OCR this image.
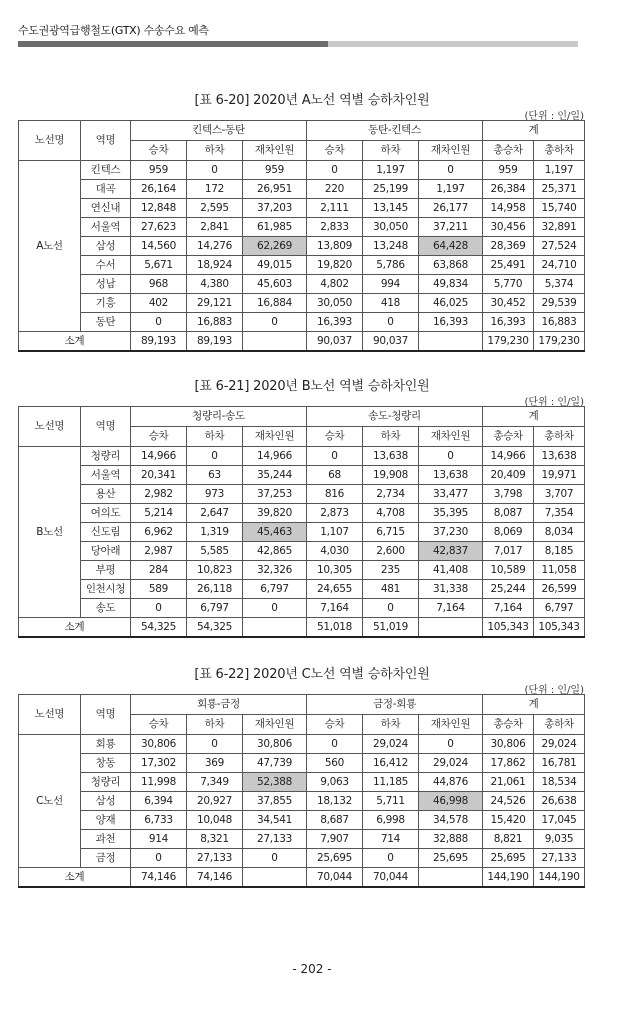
수도권광역급행철도(GTX) 수송수요 예측
[표 6-20] 2020년 A노선 역별 승하차인원
(단위 : 인/일)
노선명	역명	킨텍스-동탄			동탄-킨텍스			계	
		승차	하차	재차인원	승차	하차	재차인원	총승차	총하차
A노선	킨텍스	959	0	959	0	1,197	0	959	1,197
	대곡	26,164	172	26,951	220	25,199	1,197	26,384	25,371
	연신내	12,848	2,595	37,203	2,111	13,145	26,177	14,958	15,740
	서울역	27,623	2,841	61,985	2,833	30,050	37,211	30,456	32,891
	삼성	14,560	14,276	62,269	13,809	13,248	64,428	28,369	27,524
	수서	5,671	18,924	49,015	19,820	5,786	63,868	25,491	24,710
	성남	968	4,380	45,603	4,802	994	49,834	5,770	5,374
	기흥	402	29,121	16,884	30,050	418	46,025	30,452	29,539
	동탄	0	16,883	0	16,393	0	16,393	16,393	16,883
소계		89,193	89,193		90,037	90,037		179,230	179,230
[표 6-21] 2020년 B노선 역별 승하차인원
(단위 : 인/일)
노선명	역명	청량리-송도			송도-청량리			계	
		승차	하차	재차인원	승차	하차	재차인원	총승차	총하차
B노선	청량리	14,966	0	14,966	0	13,638	0	14,966	13,638
	서울역	20,341	63	35,244	68	19,908	13,638	20,409	19,971
	용산	2,982	973	37,253	816	2,734	33,477	3,798	3,707
	여의도	5,214	2,647	39,820	2,873	4,708	35,395	8,087	7,354
	신도림	6,962	1,319	45,463	1,107	6,715	37,230	8,069	8,034
	당아래	2,987	5,585	42,865	4,030	2,600	42,837	7,017	8,185
	부평	284	10,823	32,326	10,305	235	41,408	10,589	11,058
	인천시청	589	26,118	6,797	24,655	481	31,338	25,244	26,599
	송도	0	6,797	0	7,164	0	7,164	7,164	6,797
소계		54,325	54,325		51,018	51,019		105,343	105,343
[표 6-22] 2020년 C노선 역별 승하차인원
(단위 : 인/일)
노선명	역명	회룡-금정			금정-회룡			계	
		승차	하차	재차인원	승차	하차	재차인원	총승차	총하차
C노선	회룡	30,806	0	30,806	0	29,024	0	30,806	29,024
	창동	17,302	369	47,739	560	16,412	29,024	17,862	16,781
	청량리	11,998	7,349	52,388	9,063	11,185	44,876	21,061	18,534
	삼성	6,394	20,927	37,855	18,132	5,711	46,998	24,526	26,638
	양재	6,733	10,048	34,541	8,687	6,998	34,578	15,420	17,045
	과천	914	8,321	27,133	7,907	714	32,888	8,821	9,035
	금정	0	27,133	0	25,695	0	25,695	25,695	27,133
소계		74,146	74,146		70,044	70,044		144,190	144,190
- 202 -
